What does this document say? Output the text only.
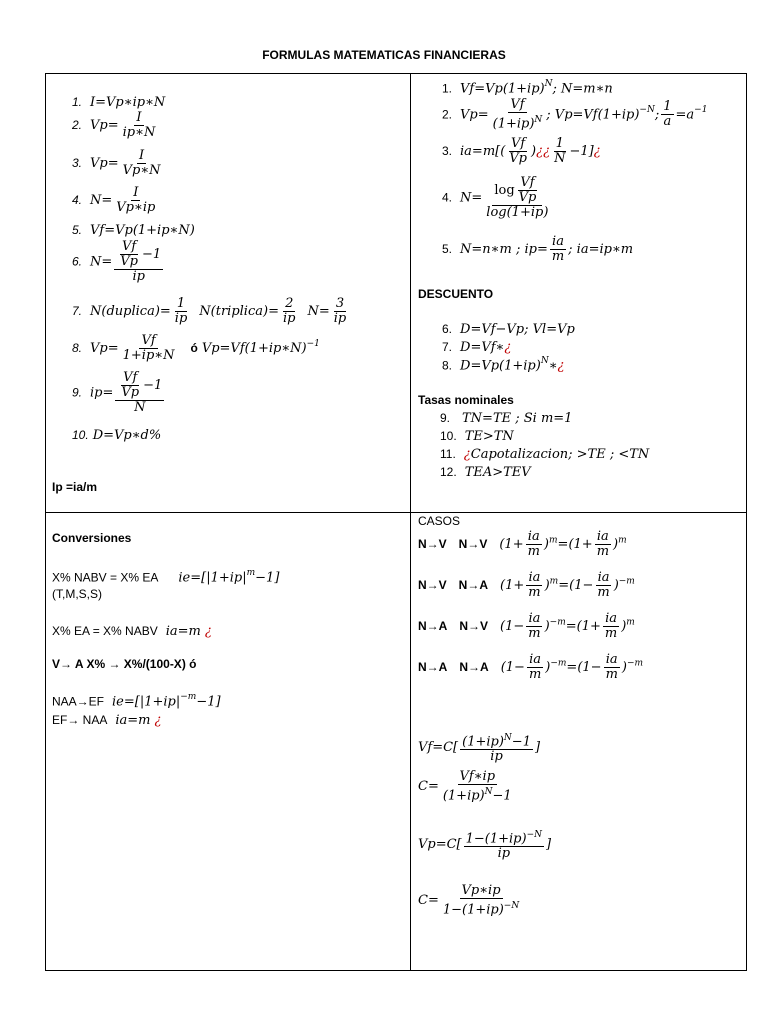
FORMULAS MATEMATICAS FINANCIERAS
1. I=Vp∗ip∗N
2. $Vp= \frac{I}{ip∗N}$
3. $Vp= \frac{I}{Vp∗N}$
4. $N= \frac{I}{Vp∗ip}$
5. Vf=Vp(1+ip∗N)
6. $N= \frac{\frac{Vf}{Vp} -1}{ip}$
7. N(duplica)= $\frac{1}{ip}$ N(triplica)= $\frac{2}{ip} N= \frac{3}{ip}$
8. $Vp= \frac{Vf}{1+ip∗N}$ ó Vp=Vf(1+ip∗N)$^{-1}$
9. $ip= \frac{\frac{Vf}{Vp} -1}{N}$
10. D=Vp∗d%
Ip =ia/m
1. $Vf=Vp(1+ip)^N$; N=m∗n
2. $Vp= \frac{Vf}{(1+ip)^N}$ ; $Vp=Vf(1+ip)^{-N}$; $\frac{1}{a} =a^{-1}$
3. $ia=m[( \frac{Vf}{Vp}$ )¿¿ $\frac{1}{N}$ −1]¿
4. $N= \frac{\log \frac{Vf}{Vp}}{\log(1+ip)}$
5. N=n∗m ; $ip= \frac{ia}{m}$ ; ia=ip∗m
DESCUENTO
6. D=Vf−Vp; Vl=Vp
7. D=Vf∗¿
8. $D=Vp(1+ip)^N∗¿$
Tasas nominales
9. TN=TE ; Si m=1
10. TE>TN
11. ¿Capotalizacion; >TE ; <TN
12. TEA>TEV
Conversiones
X% NABV = X% EA $ie=[|1+ip|^m-1]$
(T,M,S,S)
X% EA = X% NABV ia=m ¿
V→ A X% → X%/(100-X) ó
NAA→EF $ie=[|1+ip|^{-m}-1]$
EF→ NAA ia=m ¿
CASOS
N→V N→V $(1+ \frac{ia}{m} )^m=(1+ \frac{ia}{m} )^m$
N→V N→A $(1+ \frac{ia}{m} )^m=(1- \frac{ia}{m} )^{-m}$
N→A N→V $(1- \frac{ia}{m} )^{-m}=(1+ \frac{ia}{m} )^m$
N→A N→A $(1- \frac{ia}{m} )^{-m}=(1- \frac{ia}{m} )^{-m}$
$Vf=C[ \frac{(1+ip)^N-1}{ip}$ ]
$C= \frac{Vf∗ip}{(1+ip)^N-1}$
$Vp=C[ \frac{1-(1+ip)^{-N}}{ip}$ ]
$C= \frac{Vp∗ip}{1-(1+ip)^{-N}}$
